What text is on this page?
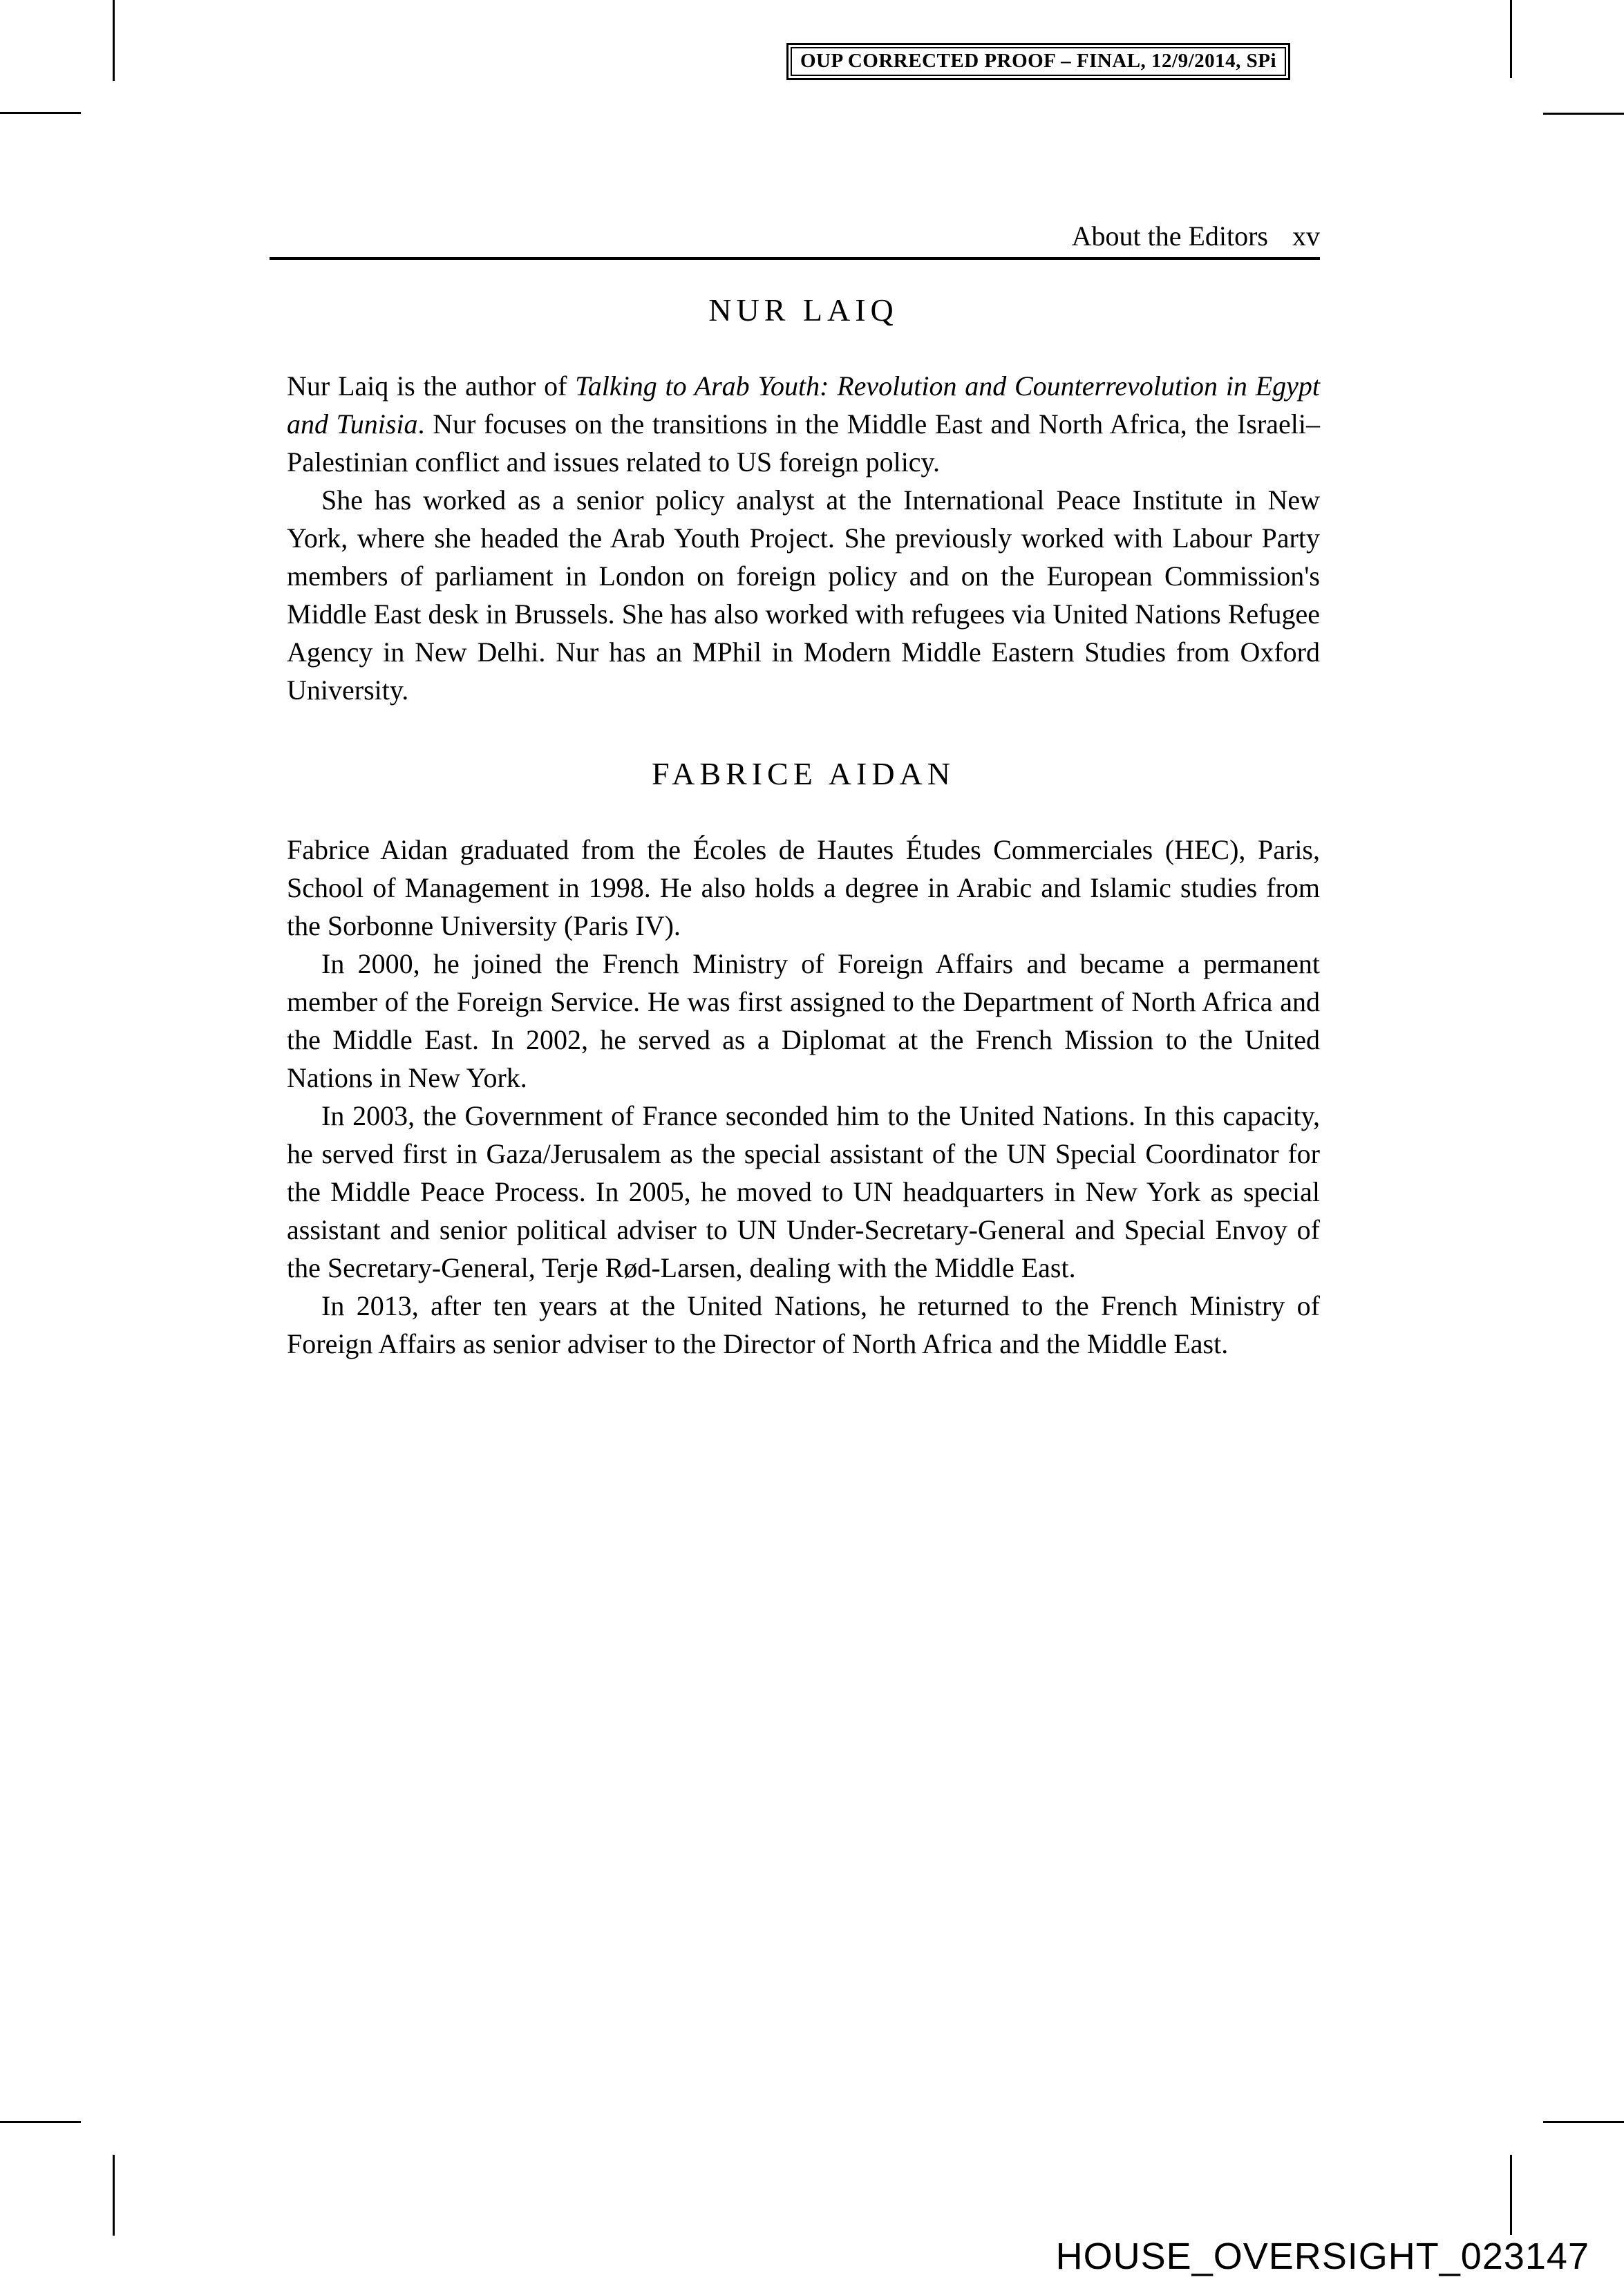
OUP CORRECTED PROOF – FINAL, 12/9/2014, SPi
About the Editors xv
NUR LAIQ

Nur Laiq is the author of Talking to Arab Youth: Revolution and Counterrevolution in Egypt and Tunisia. Nur focuses on the transitions in the Middle East and North Africa, the Israeli–Palestinian conflict and issues related to US foreign policy.

She has worked as a senior policy analyst at the International Peace Institute in New York, where she headed the Arab Youth Project. She previously worked with Labour Party members of parliament in London on foreign policy and on the European Commission's Middle East desk in Brussels. She has also worked with refugees via United Nations Refugee Agency in New Delhi. Nur has an MPhil in Modern Middle Eastern Studies from Oxford University.

FABRICE AIDAN

Fabrice Aidan graduated from the Écoles de Hautes Études Commerciales (HEC), Paris, School of Management in 1998. He also holds a degree in Arabic and Islamic studies from the Sorbonne University (Paris IV).

In 2000, he joined the French Ministry of Foreign Affairs and became a permanent member of the Foreign Service. He was first assigned to the Department of North Africa and the Middle East. In 2002, he served as a Diplomat at the French Mission to the United Nations in New York.

In 2003, the Government of France seconded him to the United Nations. In this capacity, he served first in Gaza/Jerusalem as the special assistant of the UN Special Coordinator for the Middle Peace Process. In 2005, he moved to UN headquarters in New York as special assistant and senior political adviser to UN Under-Secretary-General and Special Envoy of the Secretary-General, Terje Rød-Larsen, dealing with the Middle East.

In 2013, after ten years at the United Nations, he returned to the French Ministry of Foreign Affairs as senior adviser to the Director of North Africa and the Middle East.

HOUSE_OVERSIGHT_023147
